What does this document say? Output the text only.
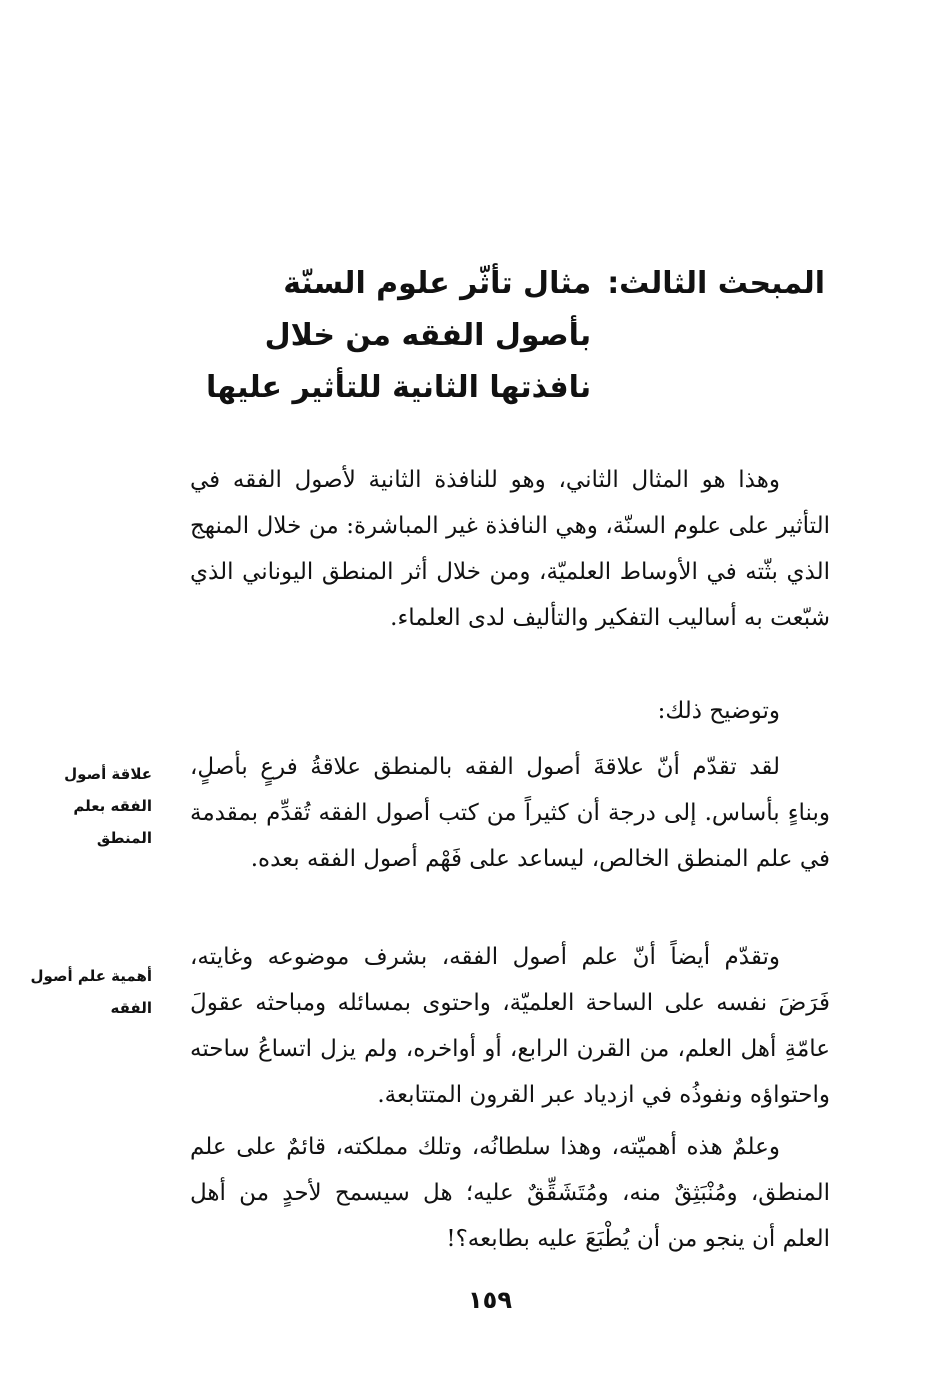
المبحث الثالث:
مثال تأثّر علوم السنّة بأصول الفقه من خلال نافذتها الثانية للتأثير عليها

وهذا هو المثال الثاني، وهو للنافذة الثانية لأصول الفقه في التأثير على علوم السنّة، وهي النافذة غير المباشرة: من خلال المنهج الذي بثّته في الأوساط العلميّة، ومن خلال أثر المنطق اليوناني الذي شبّعت به أساليب التفكير والتأليف لدى العلماء.

وتوضيح ذلك:

لقد تقدّم أنّ علاقةَ أصول الفقه بالمنطق علاقةُ فرعٍ بأصلٍ، وبناءٍ بأساس. إلى درجة أن كثيراً من كتب أصول الفقه تُقدِّم بمقدمة في علم المنطق الخالص، ليساعد على فَهْم أصول الفقه بعده.

علاقة أصول الفقه بعلم المنطق

وتقدّم أيضاً أنّ علم أصول الفقه، بشرف موضوعه وغايته، فَرَضَ نفسه على الساحة العلميّة، واحتوى بمسائله ومباحثه عقولَ عامّةِ أهل العلم، من القرن الرابع، أو أواخره، ولم يزل اتساعُ ساحته واحتواؤه ونفوذُه في ازدياد عبر القرون المتتابعة.

أهمية علم أصول الفقه

وعلمٌ هذه أهميّته، وهذا سلطانُه، وتلك مملكته، قائمٌ على علم المنطق، ومُنْبَثِقٌ منه، ومُتَشَقِّقٌ عليه؛ هل سيسمح لأحدٍ من أهل العلم أن ينجو من أن يُطْبَعَ عليه بطابعه؟!

١٥٩
